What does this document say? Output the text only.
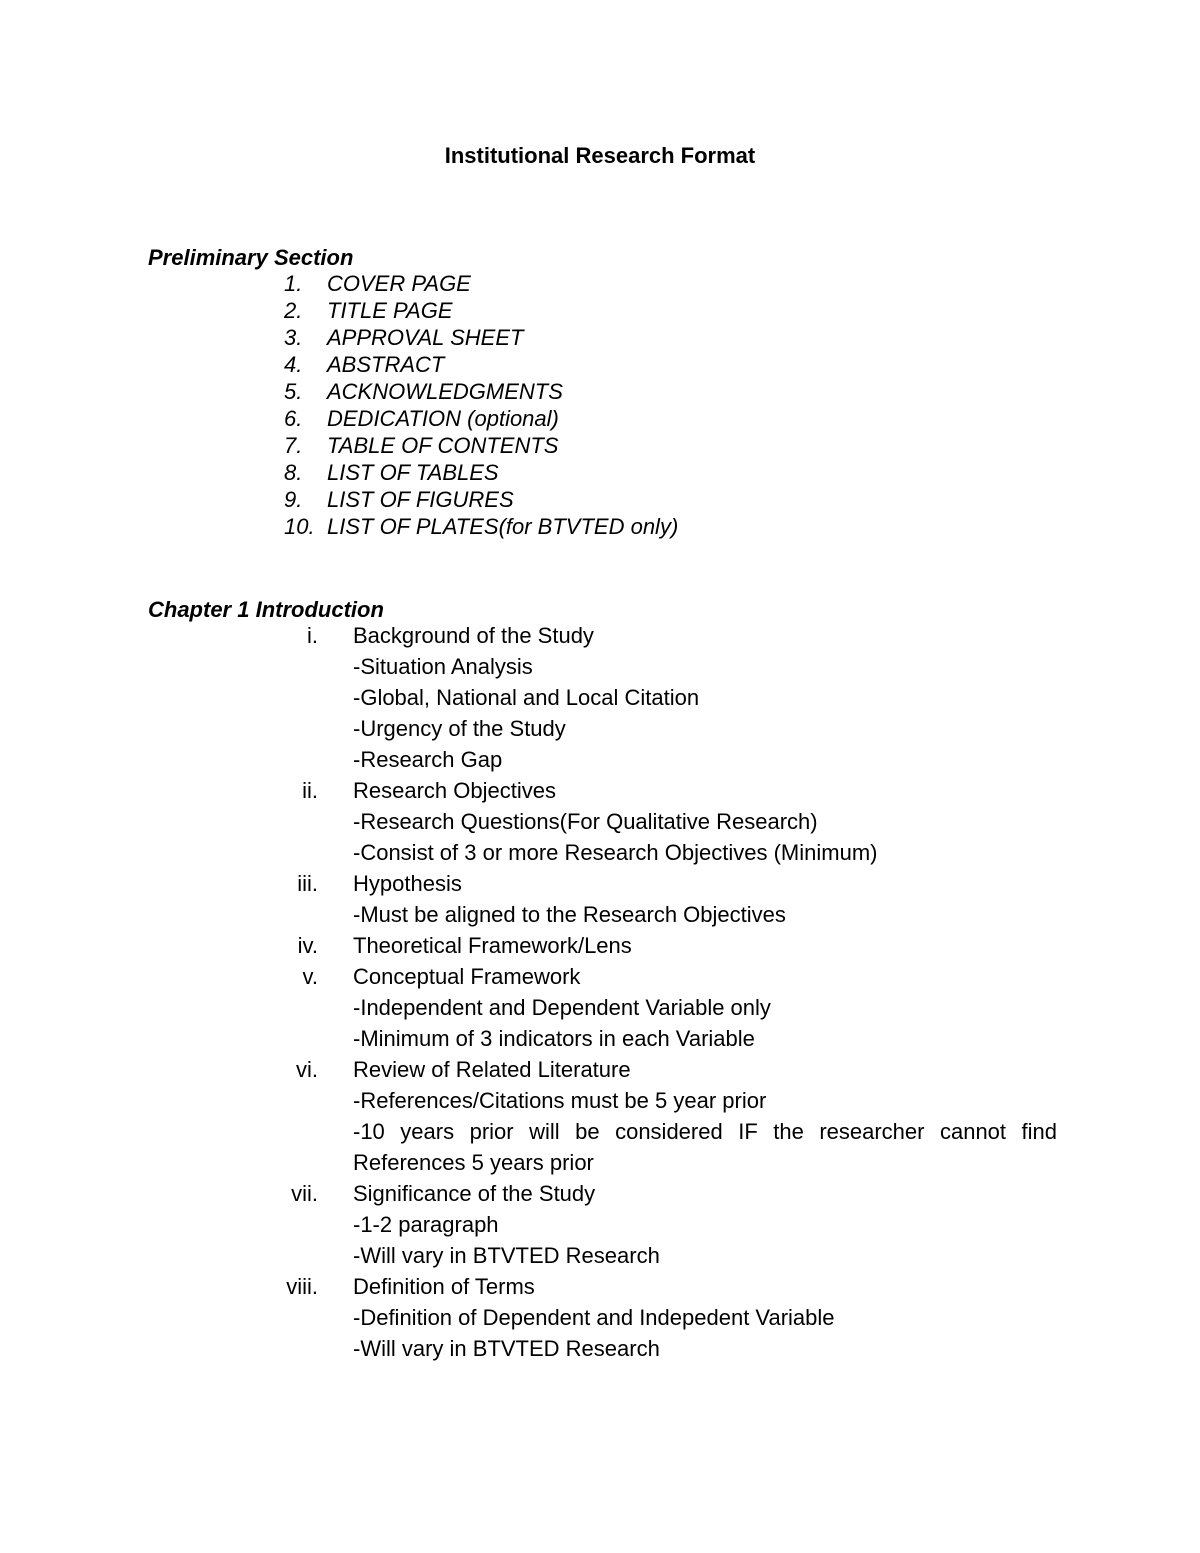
Institutional Research Format
Preliminary Section
1. COVER PAGE
2. TITLE PAGE
3. APPROVAL SHEET
4. ABSTRACT
5. ACKNOWLEDGMENTS
6. DEDICATION (optional)
7. TABLE OF CONTENTS
8. LIST OF TABLES
9. LIST OF FIGURES
10. LIST OF PLATES(for BTVTED only)
Chapter 1 Introduction
i. Background of the Study
-Situation Analysis
-Global, National and Local Citation
-Urgency of the Study
-Research Gap
ii. Research Objectives
-Research Questions(For Qualitative Research)
-Consist of 3 or more Research Objectives (Minimum)
iii. Hypothesis
-Must be aligned to the Research Objectives
iv. Theoretical Framework/Lens
v. Conceptual Framework
-Independent and Dependent Variable only
-Minimum of 3 indicators in each Variable
vi. Review of Related Literature
-References/Citations must be 5 year prior
-10 years prior will be considered IF the researcher cannot find References 5 years prior
vii. Significance of the Study
-1-2 paragraph
-Will vary in BTVTED Research
viii. Definition of Terms
-Definition of Dependent and Indepedent Variable
-Will vary in BTVTED Research
